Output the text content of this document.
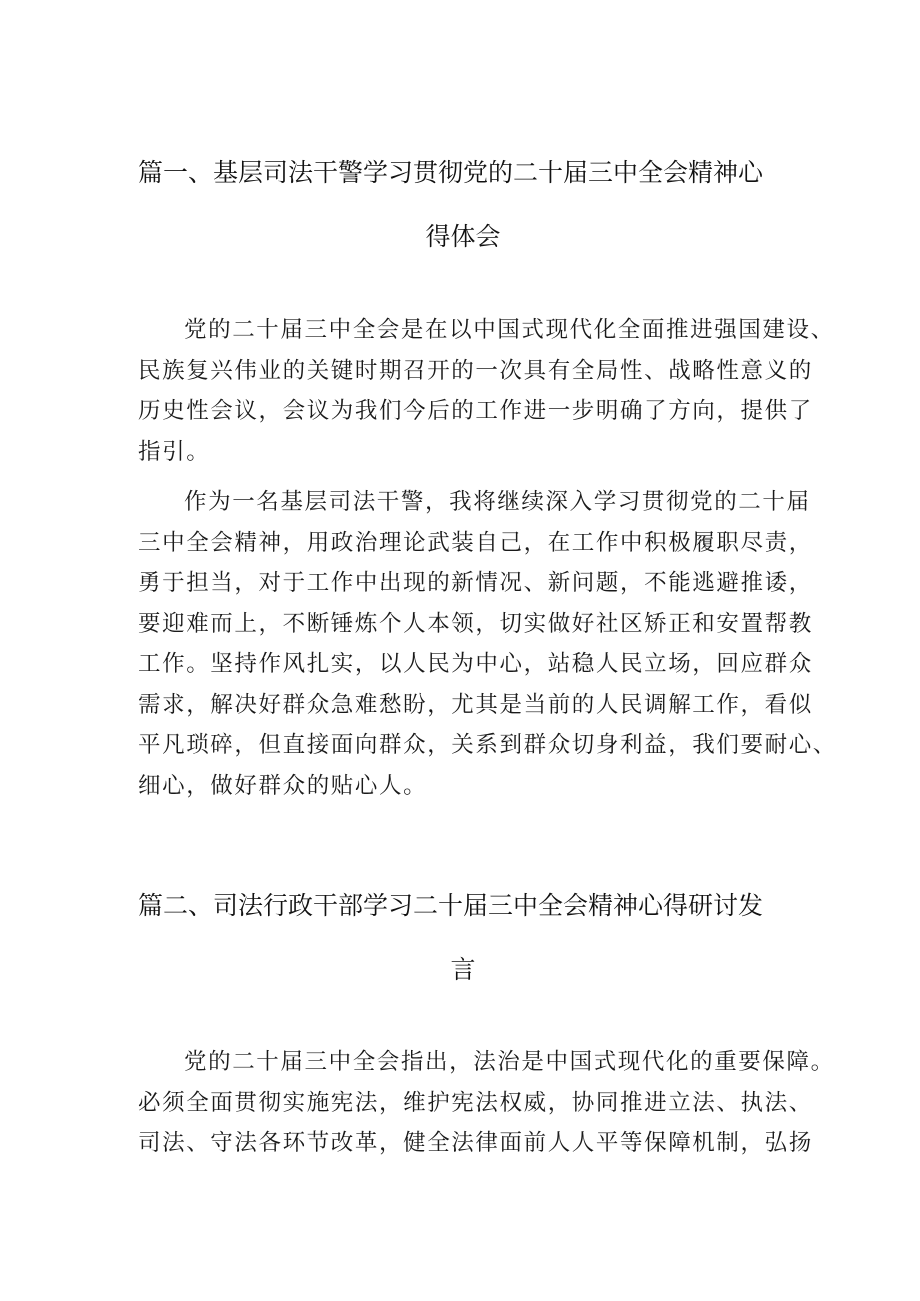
篇一、基层司法干警学习贯彻党的二十届三中全会精神心
得体会
党的二十届三中全会是在以中国式现代化全面推进强国建设、
民族复兴伟业的关键时期召开的一次具有全局性、战略性意义的
历史性会议，会议为我们今后的工作进一步明确了方向，提供了
指引。
作为一名基层司法干警，我将继续深入学习贯彻党的二十届
三中全会精神，用政治理论武装自己，在工作中积极履职尽责，
勇于担当，对于工作中出现的新情况、新问题，不能逃避推诿，
要迎难而上，不断锤炼个人本领，切实做好社区矫正和安置帮教
工作。坚持作风扎实，以人民为中心，站稳人民立场，回应群众
需求，解决好群众急难愁盼，尤其是当前的人民调解工作，看似
平凡琐碎，但直接面向群众，关系到群众切身利益，我们要耐心、
细心，做好群众的贴心人。
篇二、司法行政干部学习二十届三中全会精神心得研讨发
言
党的二十届三中全会指出，法治是中国式现代化的重要保障。
必须全面贯彻实施宪法，维护宪法权威，协同推进立法、执法、
司法、守法各环节改革，健全法律面前人人平等保障机制，弘扬
